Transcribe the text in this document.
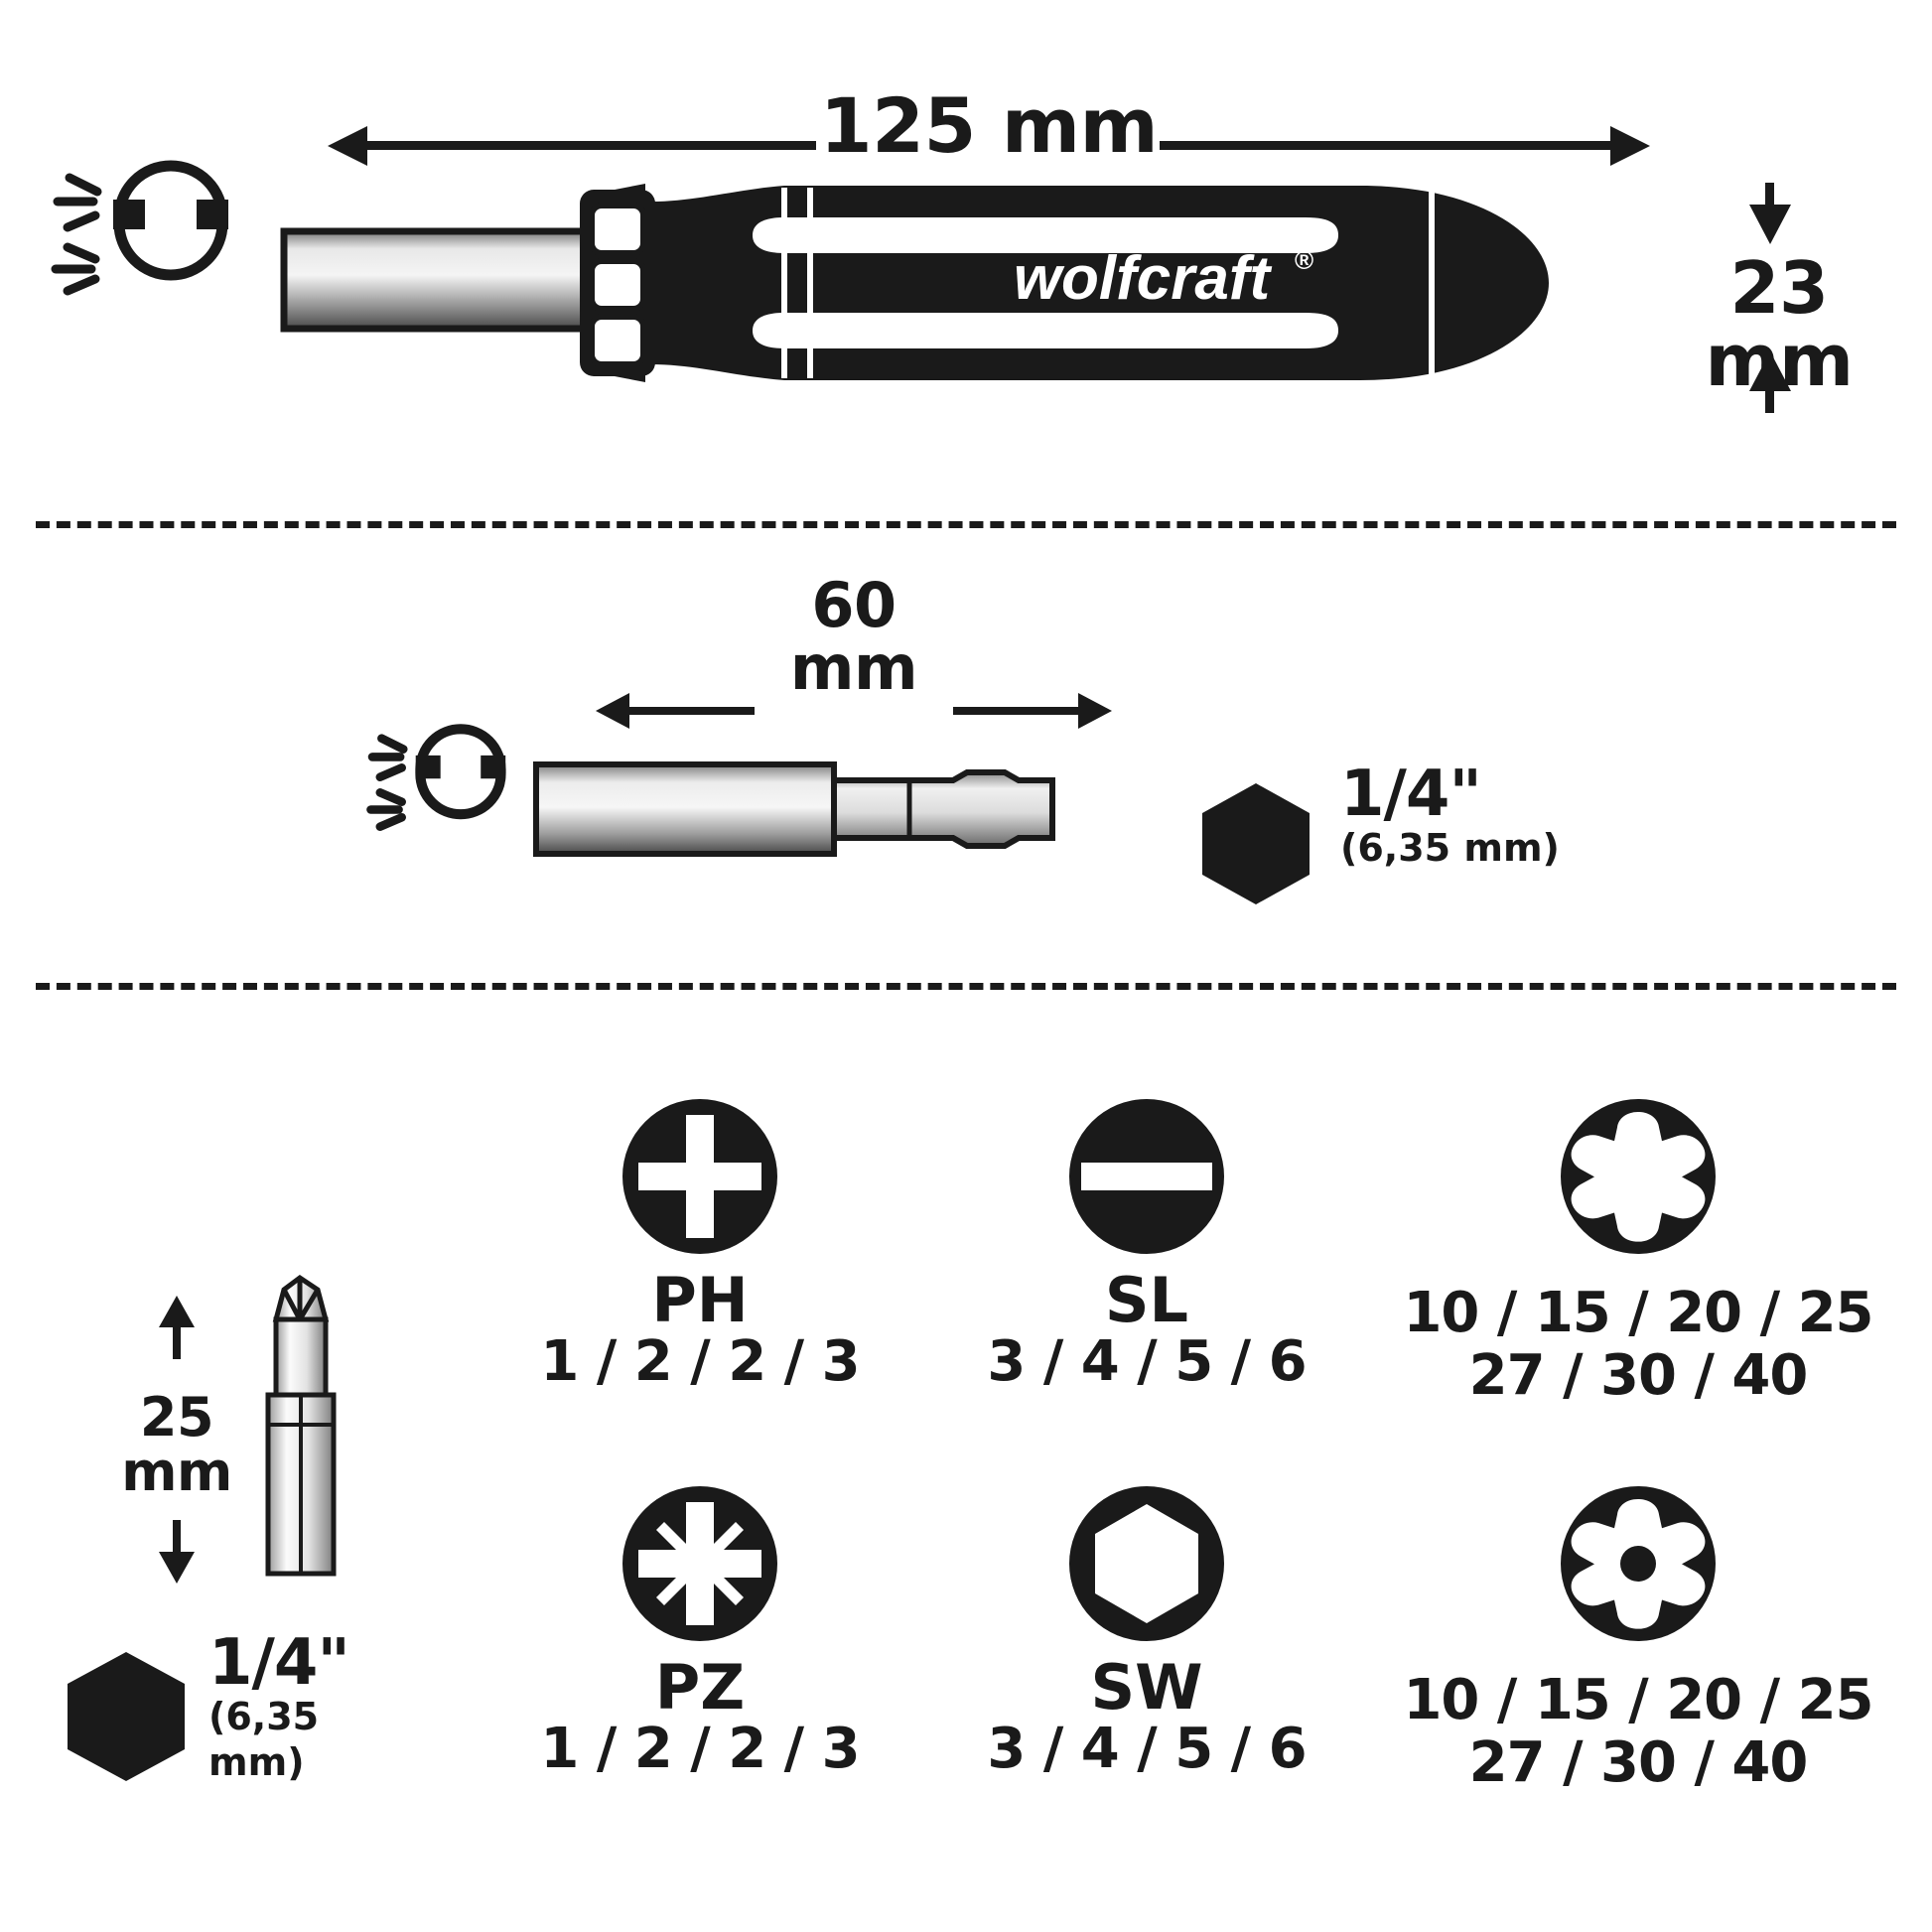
125 mm
23
mm
wolfcraft ®
60
mm
1/4"
(6,35 mm)
25
mm
1/4"
(6,35 mm)
PH
1 / 2 / 2 / 3
SL
3 / 4 / 5 / 6
10 / 15 / 20 / 25
27 / 30 / 40
PZ
1 / 2 / 2 / 3
SW
3 / 4 / 5 / 6
10 / 15 / 20 / 25
27 / 30 / 40
